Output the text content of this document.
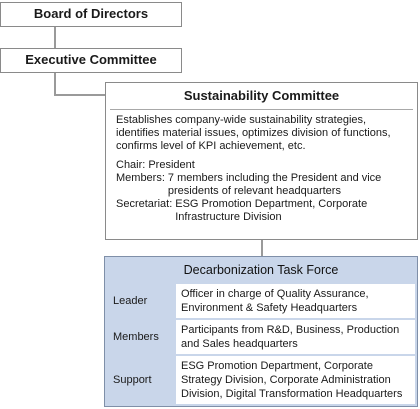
Board of Directors
Executive Committee
Sustainability Committee
Establishes company-wide sustainability strategies, identifies material issues, optimizes division of functions, confirms level of KPI achievement, etc.
Chair: President
Members: 7 members including the President and vice presidents of relevant headquarters
Secretariat: ESG Promotion Department, Corporate Infrastructure Division
Decarbonization Task Force
Leader
Officer in charge of Quality Assurance, Environment & Safety Headquarters
Members
Participants from R&D, Business, Production and Sales headquarters
Support
ESG Promotion Department, Corporate Strategy Division, Corporate Administration Division, Digital Transformation Headquarters
